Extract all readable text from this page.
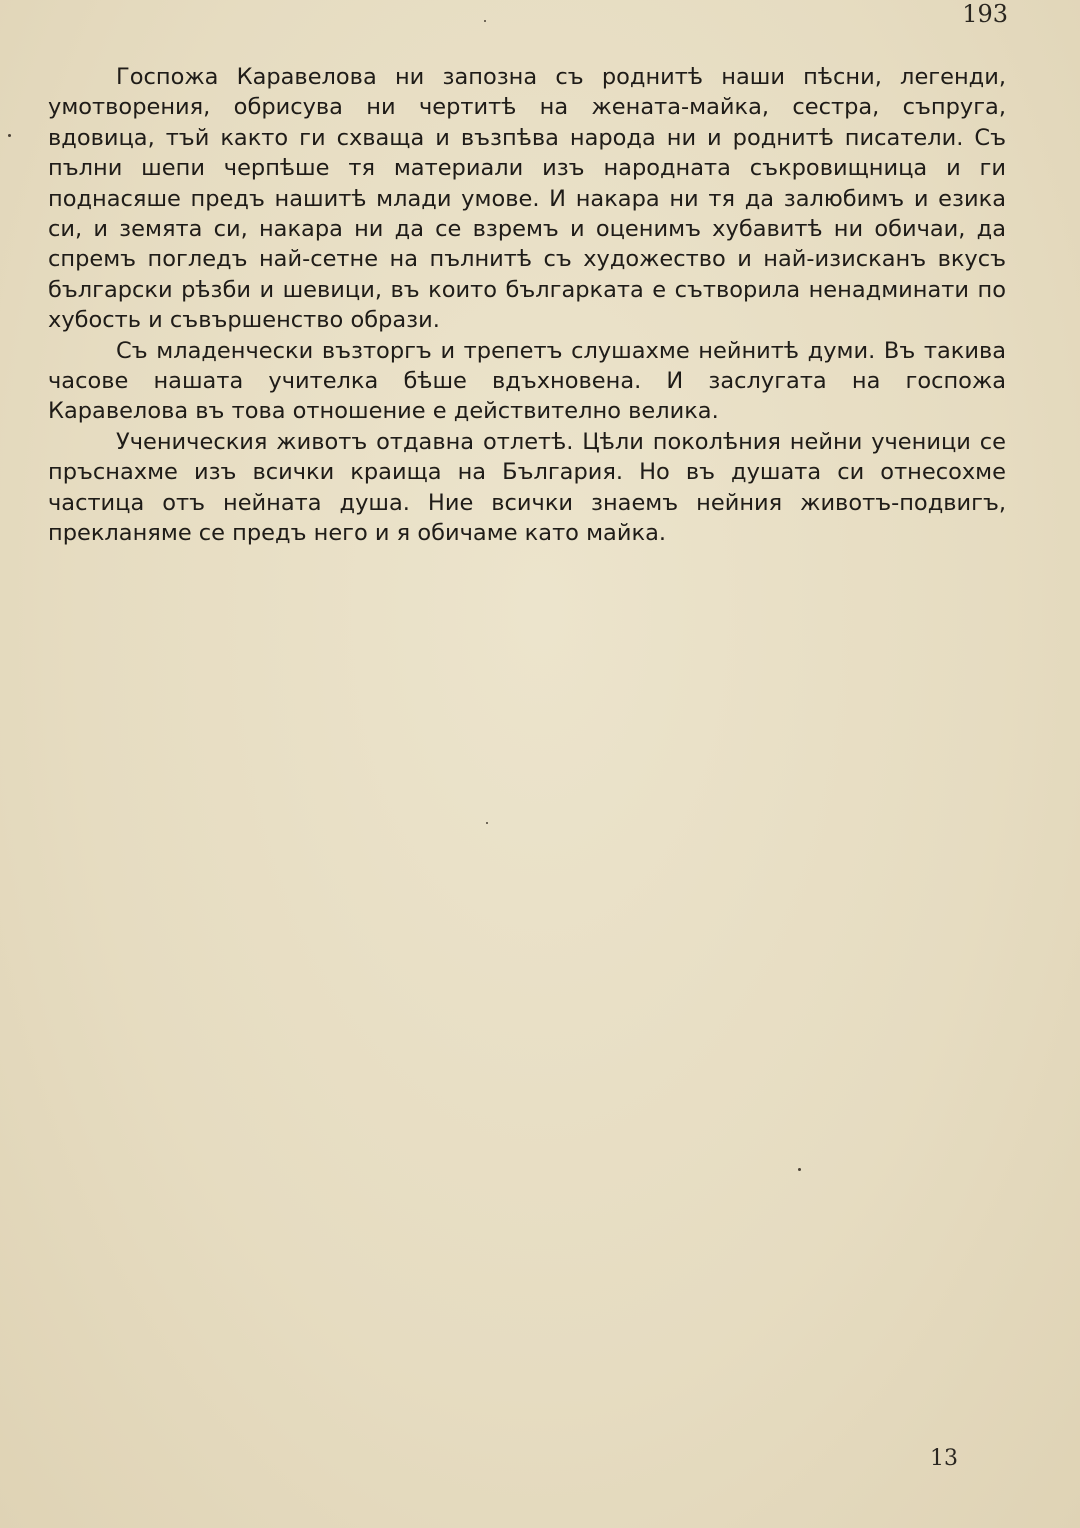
193

Госпожа Каравелова ни запозна съ роднитѣ наши пѣсни, легенди, умотворения, обрисува ни чертитѣ на жената-майка, сестра, съпруга, вдовица, тъй както ги схваща и възпѣва народа ни и роднитѣ писатели. Съ пълни шепи черпѣше тя материали изъ народната съкровищница и ги поднасяше предъ нашитѣ млади умове. И накара ни тя да залюбимъ и езика си, и земята си, накара ни да се взремъ и оценимъ хубавитѣ ни обичаи, да спремъ погледъ най-сетне на пълнитѣ съ художество и най-изисканъ вкусъ български рѣзби и шевици, въ които българката е сътворила ненадминати по хубость и съвършенство образи.

Съ младенчески възторгъ и трепетъ слушахме нейнитѣ думи. Въ такива часове нашата учителка бѣше вдъхновена. И заслугата на госпожа Каравелова въ това отношение е действително велика.

Ученическия животъ отдавна отлетѣ. Цѣли поколѣния нейни ученици се пръснахме изъ всички краища на България. Но въ душата си отнесохме частица отъ нейната душа. Ние всички знаемъ нейния животъ-подвигъ, прекланяме се предъ него и я обичаме като майка.

13
